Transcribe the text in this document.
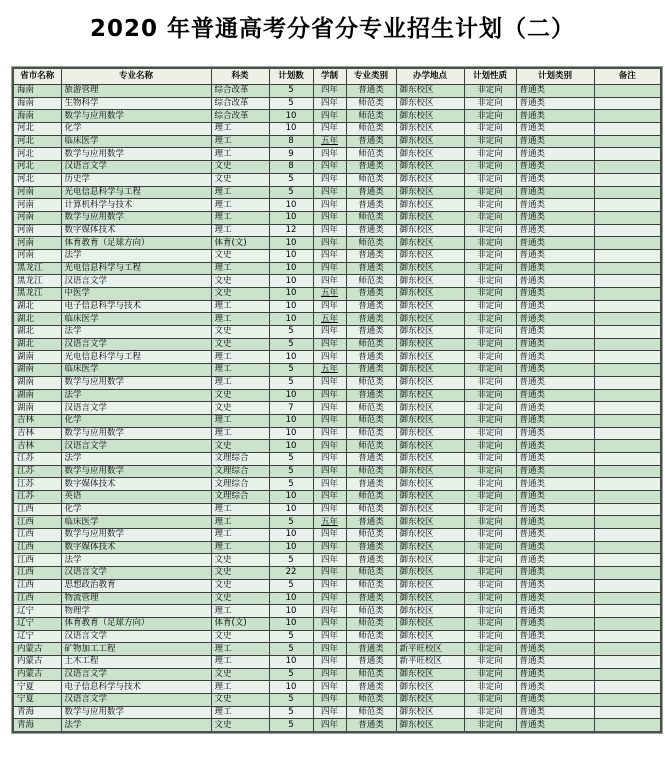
2020 年普通高考分省分专业招生计划（二）
省市名称	专业名称	科类	计划数	学制	专业类别	办学地点	计划性质	计划类别	备注
海南	旅游管理	综合改革	5	四年	普通类	御东校区	非定向	普通类	
海南	生物科学	综合改革	5	四年	师范类	御东校区	非定向	普通类	
海南	数学与应用数学	综合改革	10	四年	师范类	御东校区	非定向	普通类	
河北	化学	理工	10	四年	师范类	御东校区	非定向	普通类	
河北	临床医学	理工	8	五年	普通类	御东校区	非定向	普通类	
河北	数学与应用数学	理工	9	四年	师范类	御东校区	非定向	普通类	
河北	汉语言文学	文史	8	四年	普通类	御东校区	非定向	普通类	
河北	历史学	文史	5	四年	师范类	御东校区	非定向	普通类	
河南	光电信息科学与工程	理工	5	四年	普通类	御东校区	非定向	普通类	
河南	计算机科学与技术	理工	10	四年	普通类	御东校区	非定向	普通类	
河南	数学与应用数学	理工	10	四年	师范类	御东校区	非定向	普通类	
河南	数字媒体技术	理工	12	四年	普通类	御东校区	非定向	普通类	
河南	体育教育（足球方向）	体育(文)	10	四年	师范类	御东校区	非定向	普通类	
河南	法学	文史	10	四年	普通类	御东校区	非定向	普通类	
黑龙江	光电信息科学与工程	理工	10	四年	普通类	御东校区	非定向	普通类	
黑龙江	汉语言文学	文史	10	四年	师范类	御东校区	非定向	普通类	
黑龙江	中医学	文史	10	五年	普通类	御东校区	非定向	普通类	
湖北	电子信息科学与技术	理工	10	四年	普通类	御东校区	非定向	普通类	
湖北	临床医学	理工	10	五年	普通类	御东校区	非定向	普通类	
湖北	法学	文史	5	四年	普通类	御东校区	非定向	普通类	
湖北	汉语言文学	文史	5	四年	师范类	御东校区	非定向	普通类	
湖南	光电信息科学与工程	理工	10	四年	普通类	御东校区	非定向	普通类	
湖南	临床医学	理工	5	五年	普通类	御东校区	非定向	普通类	
湖南	数学与应用数学	理工	5	四年	师范类	御东校区	非定向	普通类	
湖南	法学	文史	10	四年	普通类	御东校区	非定向	普通类	
湖南	汉语言文学	文史	7	四年	师范类	御东校区	非定向	普通类	
吉林	化学	理工	10	四年	师范类	御东校区	非定向	普通类	
吉林	数学与应用数学	理工	10	四年	师范类	御东校区	非定向	普通类	
吉林	汉语言文学	文史	10	四年	师范类	御东校区	非定向	普通类	
江苏	法学	文理综合	5	四年	普通类	御东校区	非定向	普通类	
江苏	数学与应用数学	文理综合	5	四年	师范类	御东校区	非定向	普通类	
江苏	数字媒体技术	文理综合	5	四年	普通类	御东校区	非定向	普通类	
江苏	英语	文理综合	10	四年	师范类	御东校区	非定向	普通类	
江西	化学	理工	10	四年	师范类	御东校区	非定向	普通类	
江西	临床医学	理工	5	五年	普通类	御东校区	非定向	普通类	
江西	数学与应用数学	理工	10	四年	师范类	御东校区	非定向	普通类	
江西	数字媒体技术	理工	10	四年	普通类	御东校区	非定向	普通类	
江西	法学	文史	5	四年	普通类	御东校区	非定向	普通类	
江西	汉语言文学	文史	22	四年	师范类	御东校区	非定向	普通类	
江西	思想政治教育	文史	5	四年	师范类	御东校区	非定向	普通类	
江西	物流管理	文史	10	四年	普通类	御东校区	非定向	普通类	
辽宁	物理学	理工	10	四年	师范类	御东校区	非定向	普通类	
辽宁	体育教育（足球方向）	体育(文)	10	四年	师范类	御东校区	非定向	普通类	
辽宁	汉语言文学	文史	5	四年	师范类	御东校区	非定向	普通类	
内蒙古	矿物加工工程	理工	5	四年	普通类	新平旺校区	非定向	普通类	
内蒙古	土木工程	理工	10	四年	普通类	新平旺校区	非定向	普通类	
内蒙古	汉语言文学	文史	5	四年	师范类	御东校区	非定向	普通类	
宁夏	电子信息科学与技术	理工	10	四年	普通类	御东校区	非定向	普通类	
宁夏	汉语言文学	文史	5	四年	师范类	御东校区	非定向	普通类	
青海	数学与应用数学	理工	5	四年	师范类	御东校区	非定向	普通类	
青海	法学	文史	5	四年	普通类	御东校区	非定向	普通类	
